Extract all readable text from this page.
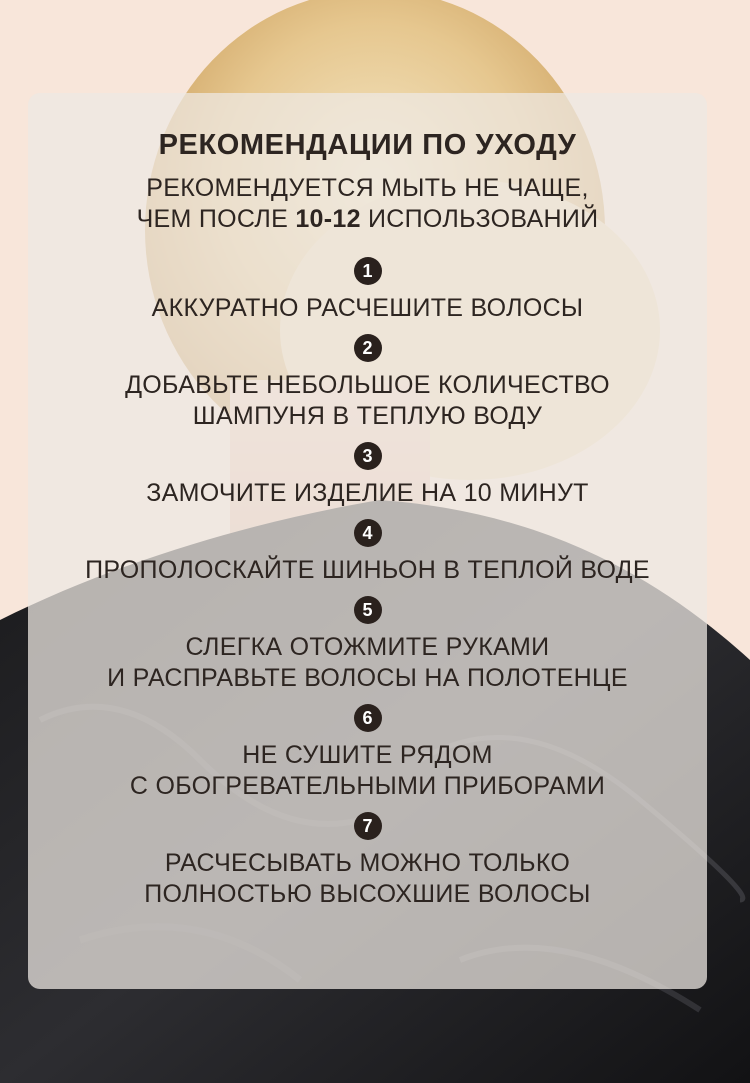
РЕКОМЕНДАЦИИ ПО УХОДУ

РЕКОМЕНДУЕТСЯ МЫТЬ НЕ ЧАЩЕ,

ЧЕМ ПОСЛЕ 10-12 ИСПОЛЬЗОВАНИЙ

1
АККУРАТНО РАСЧЕШИТЕ ВОЛОСЫ
2
ДОБАВЬТЕ НЕБОЛЬШОЕ КОЛИЧЕСТВО
ШАМПУНЯ В ТЕПЛУЮ ВОДУ
3
ЗАМОЧИТЕ ИЗДЕЛИЕ НА 10 МИНУТ
4
ПРОПОЛОСКАЙТЕ ШИНЬОН В ТЕПЛОЙ ВОДЕ
5
СЛЕГКА ОТОЖМИТЕ РУКАМИ
И РАСПРАВЬТЕ ВОЛОСЫ НА ПОЛОТЕНЦЕ
6
НЕ СУШИТЕ РЯДОМ
С ОБОГРЕВАТЕЛЬНЫМИ ПРИБОРАМИ
7
РАСЧЕСЫВАТЬ МОЖНО ТОЛЬКО
ПОЛНОСТЬЮ ВЫСОХШИЕ ВОЛОСЫ
